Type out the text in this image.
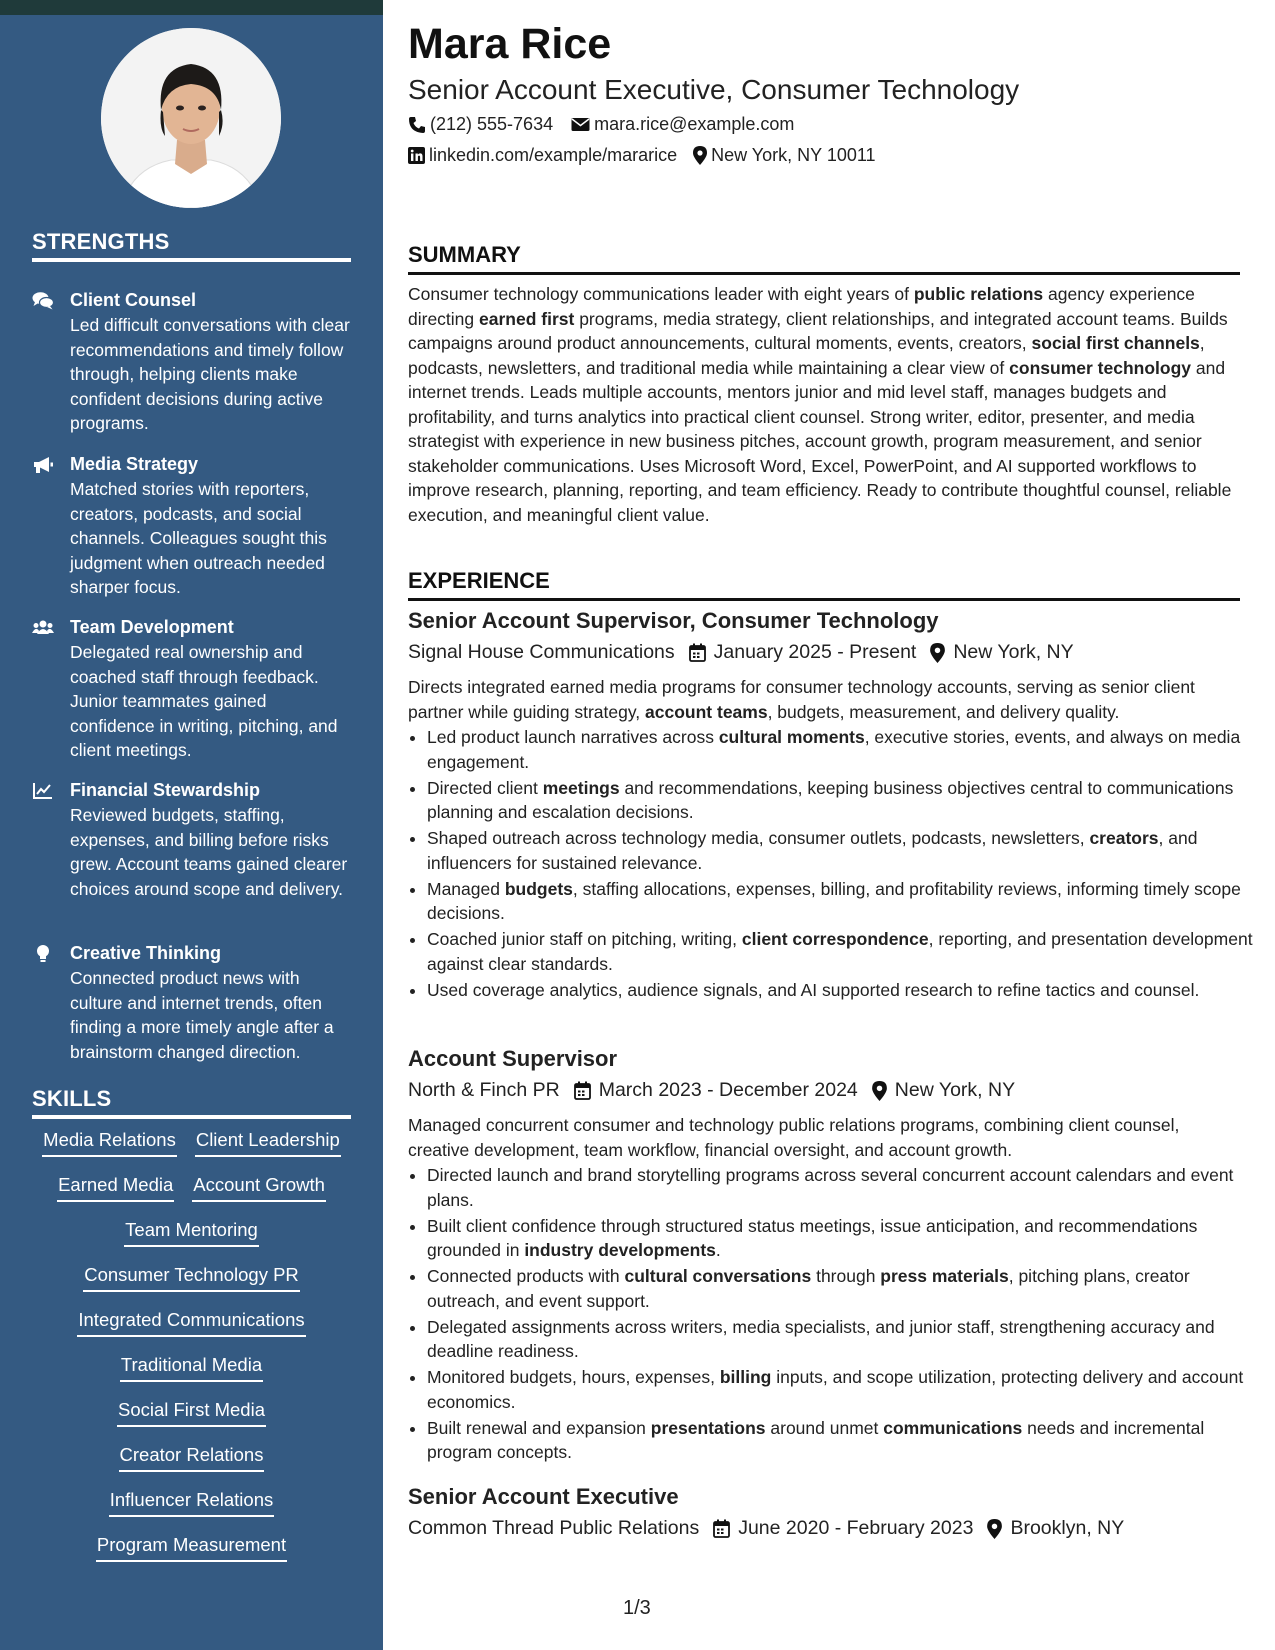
STRENGTHS
Client Counsel
Led difficult conversations with clear recommendations and timely follow through, helping clients make confident decisions during active programs.
Media Strategy
Matched stories with reporters, creators, podcasts, and social channels. Colleagues sought this judgment when outreach needed sharper focus.
Team Development
Delegated real ownership and coached staff through feedback. Junior teammates gained confidence in writing, pitching, and client meetings.
Financial Stewardship
Reviewed budgets, staffing, expenses, and billing before risks grew. Account teams gained clearer choices around scope and delivery.
Creative Thinking
Connected product news with culture and internet trends, often finding a more timely angle after a brainstorm changed direction.
SKILLS
Media Relations Client Leadership
Earned Media Account Growth
Team Mentoring
Consumer Technology PR
Integrated Communications
Traditional Media
Social First Media
Creator Relations
Influencer Relations
Program Measurement
Mara Rice
Senior Account Executive, Consumer Technology
(212) 555-7634 mara.rice@example.com
linkedin.com/example/mararice New York, NY 10011
SUMMARY
Consumer technology communications leader with eight years of public relations agency experience directing earned first programs, media strategy, client relationships, and integrated account teams. Builds campaigns around product announcements, cultural moments, events, creators, social first channels, podcasts, newsletters, and traditional media while maintaining a clear view of consumer technology and internet trends. Leads multiple accounts, mentors junior and mid level staff, manages budgets and profitability, and turns analytics into practical client counsel. Strong writer, editor, presenter, and media strategist with experience in new business pitches, account growth, program measurement, and senior stakeholder communications. Uses Microsoft Word, Excel, PowerPoint, and AI supported workflows to improve research, planning, reporting, and team efficiency. Ready to contribute thoughtful counsel, reliable execution, and meaningful client value.
EXPERIENCE
Senior Account Supervisor, Consumer Technology
Signal House Communications January 2025 - Present New York, NY
Directs integrated earned media programs for consumer technology accounts, serving as senior client partner while guiding strategy, account teams, budgets, measurement, and delivery quality.
• Led product launch narratives across cultural moments, executive stories, events, and always on media engagement.
• Directed client meetings and recommendations, keeping business objectives central to communications planning and escalation decisions.
• Shaped outreach across technology media, consumer outlets, podcasts, newsletters, creators, and influencers for sustained relevance.
• Managed budgets, staffing allocations, expenses, billing, and profitability reviews, informing timely scope decisions.
• Coached junior staff on pitching, writing, client correspondence, reporting, and presentation development against clear standards.
• Used coverage analytics, audience signals, and AI supported research to refine tactics and counsel.
Account Supervisor
North & Finch PR March 2023 - December 2024 New York, NY
Managed concurrent consumer and technology public relations programs, combining client counsel, creative development, team workflow, financial oversight, and account growth.
• Directed launch and brand storytelling programs across several concurrent account calendars and event plans.
• Built client confidence through structured status meetings, issue anticipation, and recommendations grounded in industry developments.
• Connected products with cultural conversations through press materials, pitching plans, creator outreach, and event support.
• Delegated assignments across writers, media specialists, and junior staff, strengthening accuracy and deadline readiness.
• Monitored budgets, hours, expenses, billing inputs, and scope utilization, protecting delivery and account economics.
• Built renewal and expansion presentations around unmet communications needs and incremental program concepts.
Senior Account Executive
Common Thread Public Relations June 2020 - February 2023 Brooklyn, NY
1/3
